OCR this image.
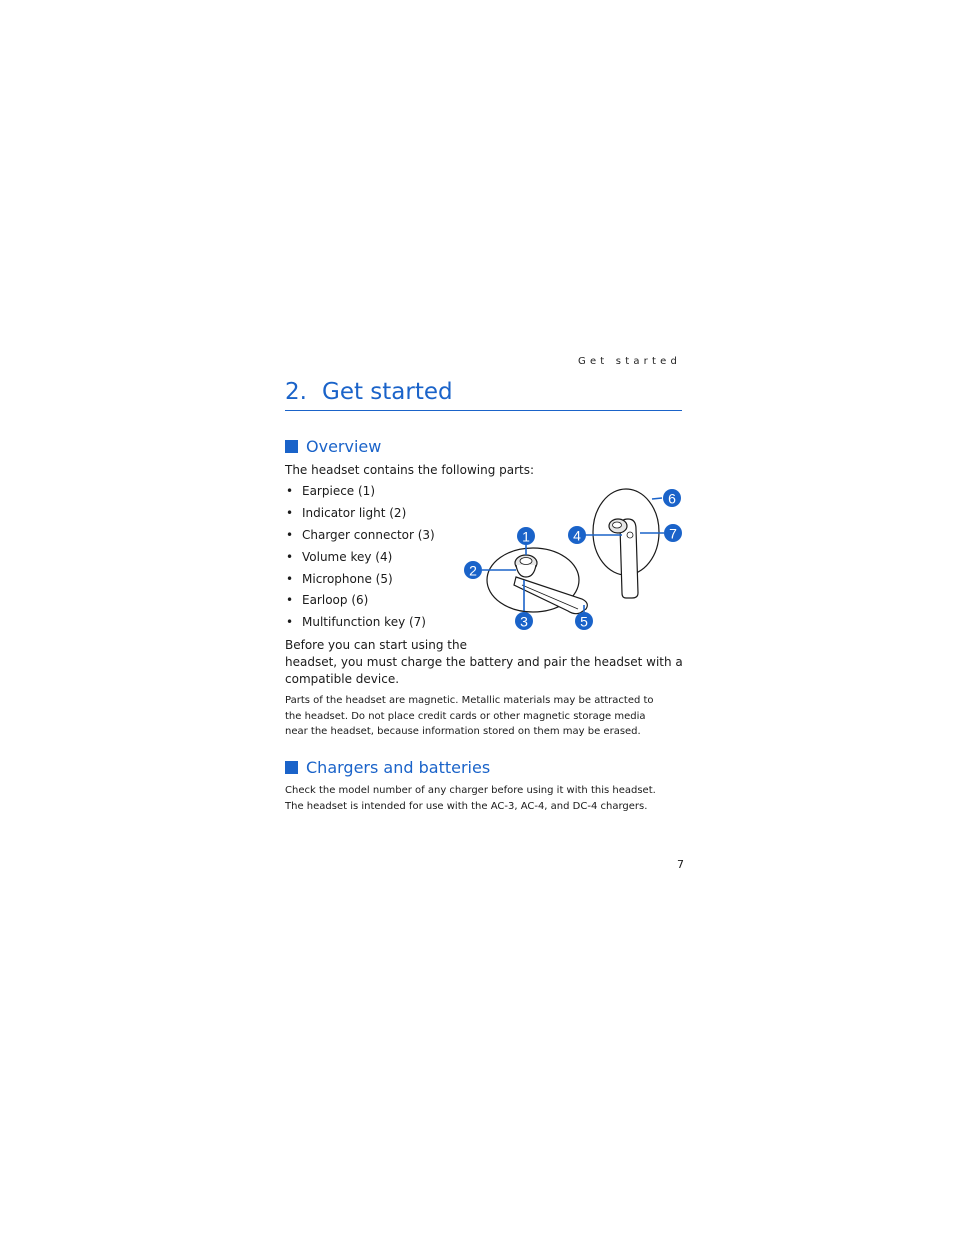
Get started
2. Get started
Overview
The headset contains the following parts:
• Earpiece (1)
• Indicator light (2)
• Charger connector (3)
• Volume key (4)
• Microphone (5)
• Earloop (6)
• Multifunction key (7)
1
2
3
4
5
6
7
Before you can start using the
headset, you must charge the battery and pair the headset with a
compatible device.
Parts of the headset are magnetic. Metallic materials may be attracted to the headset. Do not place credit cards or other magnetic storage media near the headset, because information stored on them may be erased.
Chargers and batteries
Check the model number of any charger before using it with this headset. The headset is intended for use with the AC-3, AC-4, and DC-4 chargers.
7
